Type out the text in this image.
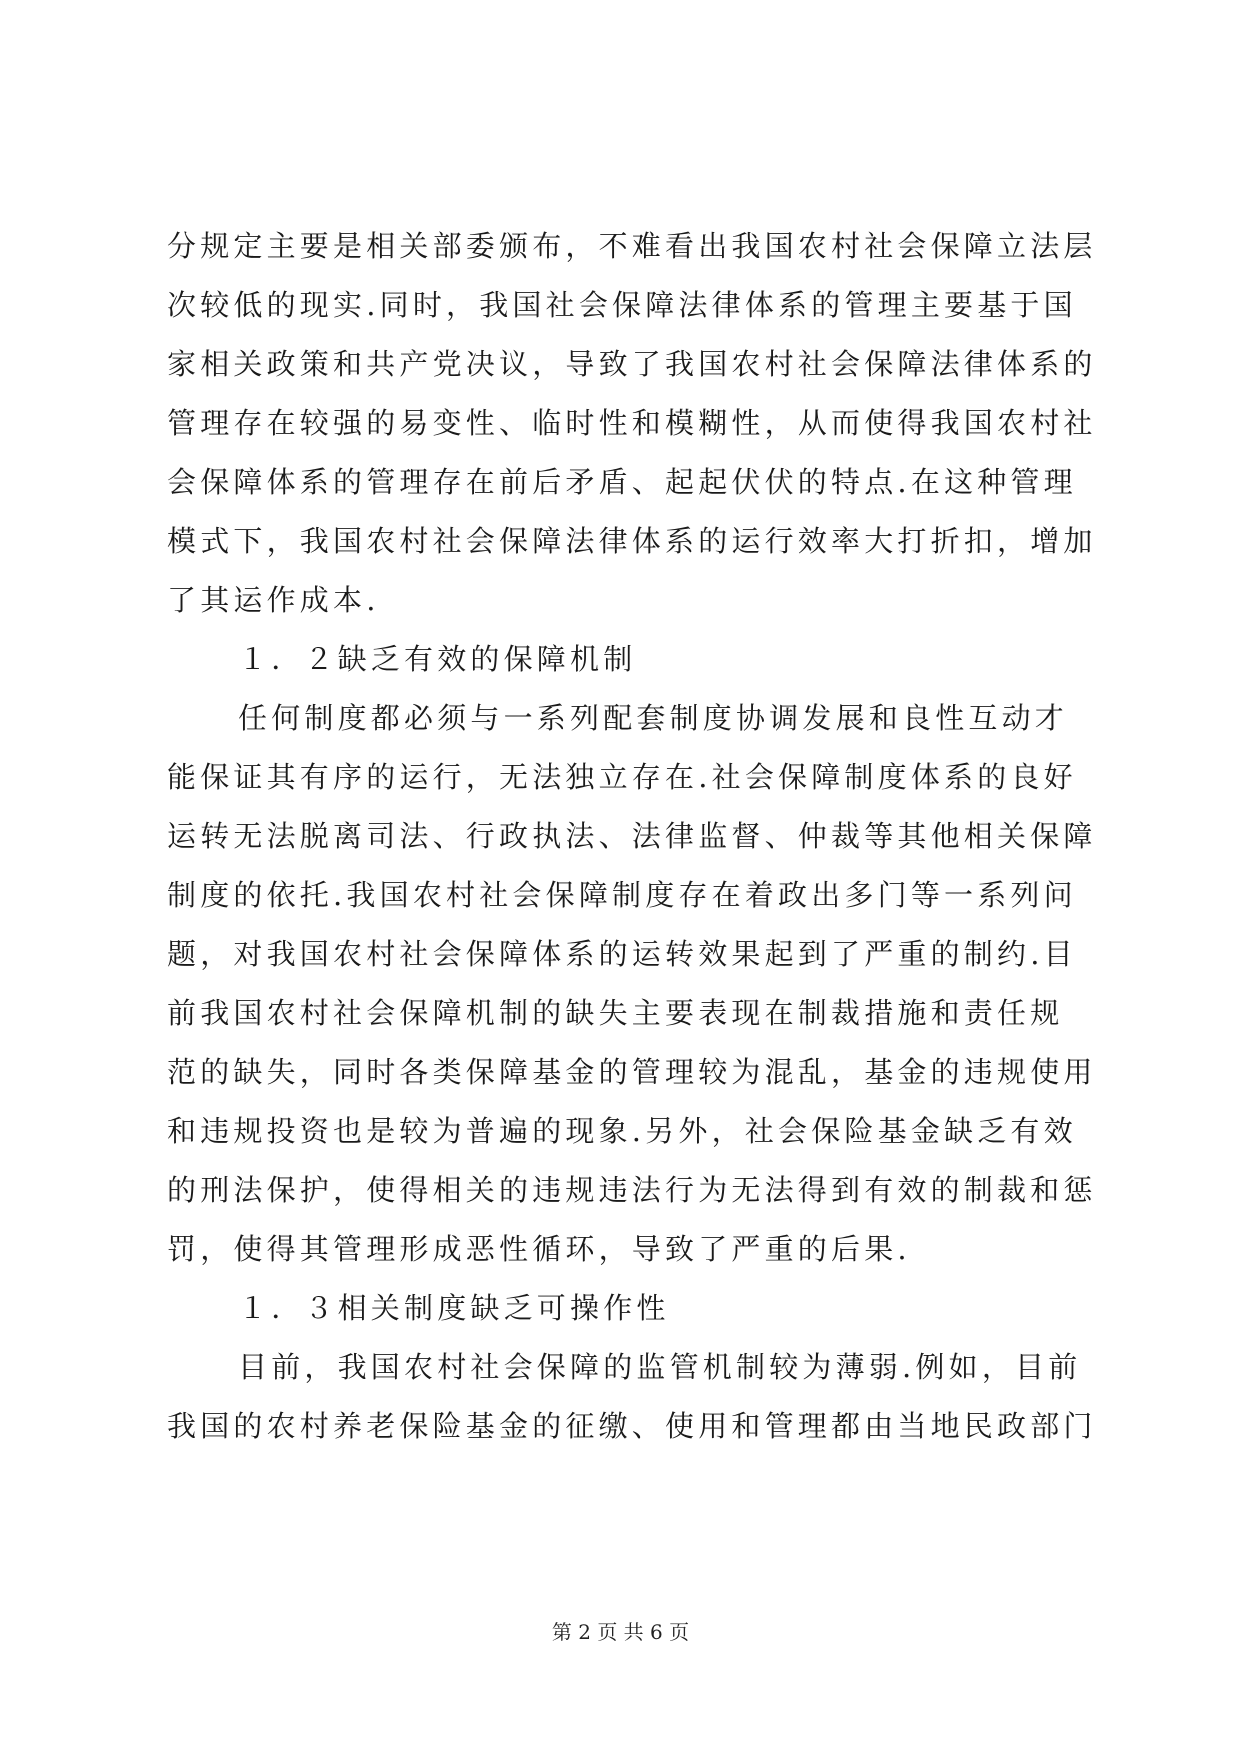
分规定主要是相关部委颁布，不难看出我国农村社会保障立法层
次较低的现实.同时，我国社会保障法律体系的管理主要基于国
家相关政策和共产党决议，导致了我国农村社会保障法律体系的
管理存在较强的易变性、临时性和模糊性，从而使得我国农村社
会保障体系的管理存在前后矛盾、起起伏伏的特点.在这种管理
模式下，我国农村社会保障法律体系的运行效率大打折扣，增加
了其运作成本.
１．２缺乏有效的保障机制
任何制度都必须与一系列配套制度协调发展和良性互动才
能保证其有序的运行，无法独立存在.社会保障制度体系的良好
运转无法脱离司法、行政执法、法律监督、仲裁等其他相关保障
制度的依托.我国农村社会保障制度存在着政出多门等一系列问
题，对我国农村社会保障体系的运转效果起到了严重的制约.目
前我国农村社会保障机制的缺失主要表现在制裁措施和责任规
范的缺失，同时各类保障基金的管理较为混乱，基金的违规使用
和违规投资也是较为普遍的现象.另外，社会保险基金缺乏有效
的刑法保护，使得相关的违规违法行为无法得到有效的制裁和惩
罚，使得其管理形成恶性循环，导致了严重的后果.
１．３相关制度缺乏可操作性
目前，我国农村社会保障的监管机制较为薄弱.例如，目前
我国的农村养老保险基金的征缴、使用和管理都由当地民政部门
第 2 页 共 6 页
